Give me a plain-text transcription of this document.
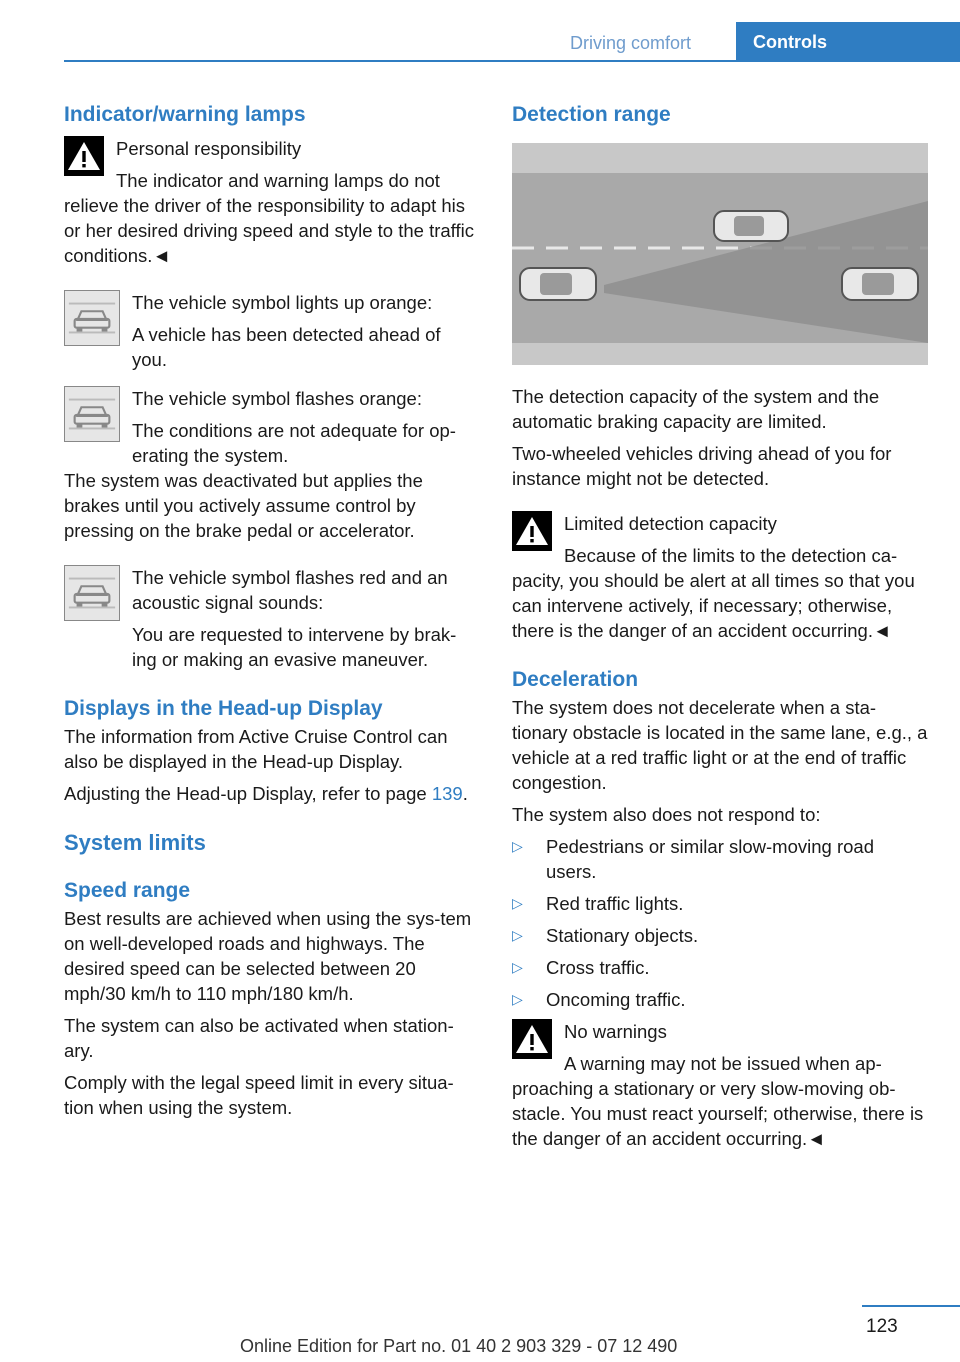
Driving comfort	Controls
Indicator/warning lamps

Personal responsibility

The indicator and warning lamps do not relieve the driver of the responsibility to adapt his or her desired driving speed and style to the traffic conditions.◄

The vehicle symbol lights up orange:

A vehicle has been detected ahead of you.

The vehicle symbol flashes orange:

The conditions are not adequate for op-erating the system.

The system was deactivated but applies the brakes until you actively assume control by pressing on the brake pedal or accelerator.

The vehicle symbol flashes red and an acoustic signal sounds:

You are requested to intervene by brak-ing or making an evasive maneuver.

Displays in the Head-up Display

The information from Active Cruise Control can also be displayed in the Head-up Display.

Adjusting the Head-up Display, refer to page 139.

System limits
Speed range

Best results are achieved when using the sys-tem on well-developed roads and highways. The desired speed can be selected between 20 mph/30 km/h to 110 mph/180 km/h.

The system can also be activated when station-ary.

Comply with the legal speed limit in every situa-tion when using the system.

Detection range

The detection capacity of the system and the automatic braking capacity are limited.

Two-wheeled vehicles driving ahead of you for instance might not be detected.

Limited detection capacity

Because of the limits to the detection ca-pacity, you should be alert at all times so that you can intervene actively, if necessary; otherwise, there is the danger of an accident occurring.◄

Deceleration

The system does not decelerate when a sta-tionary obstacle is located in the same lane, e.g., a vehicle at a red traffic light or at the end of traffic congestion.

The system also does not respond to:

▷ Pedestrians or similar slow-moving road users.
▷ Red traffic lights.
▷ Stationary objects.
▷ Cross traffic.
▷ Oncoming traffic.

No warnings

A warning may not be issued when ap-proaching a stationary or very slow-moving ob-stacle. You must react yourself; otherwise, there is the danger of an accident occurring.◄

123
Online Edition for Part no. 01 40 2 903 329 - 07 12 490
